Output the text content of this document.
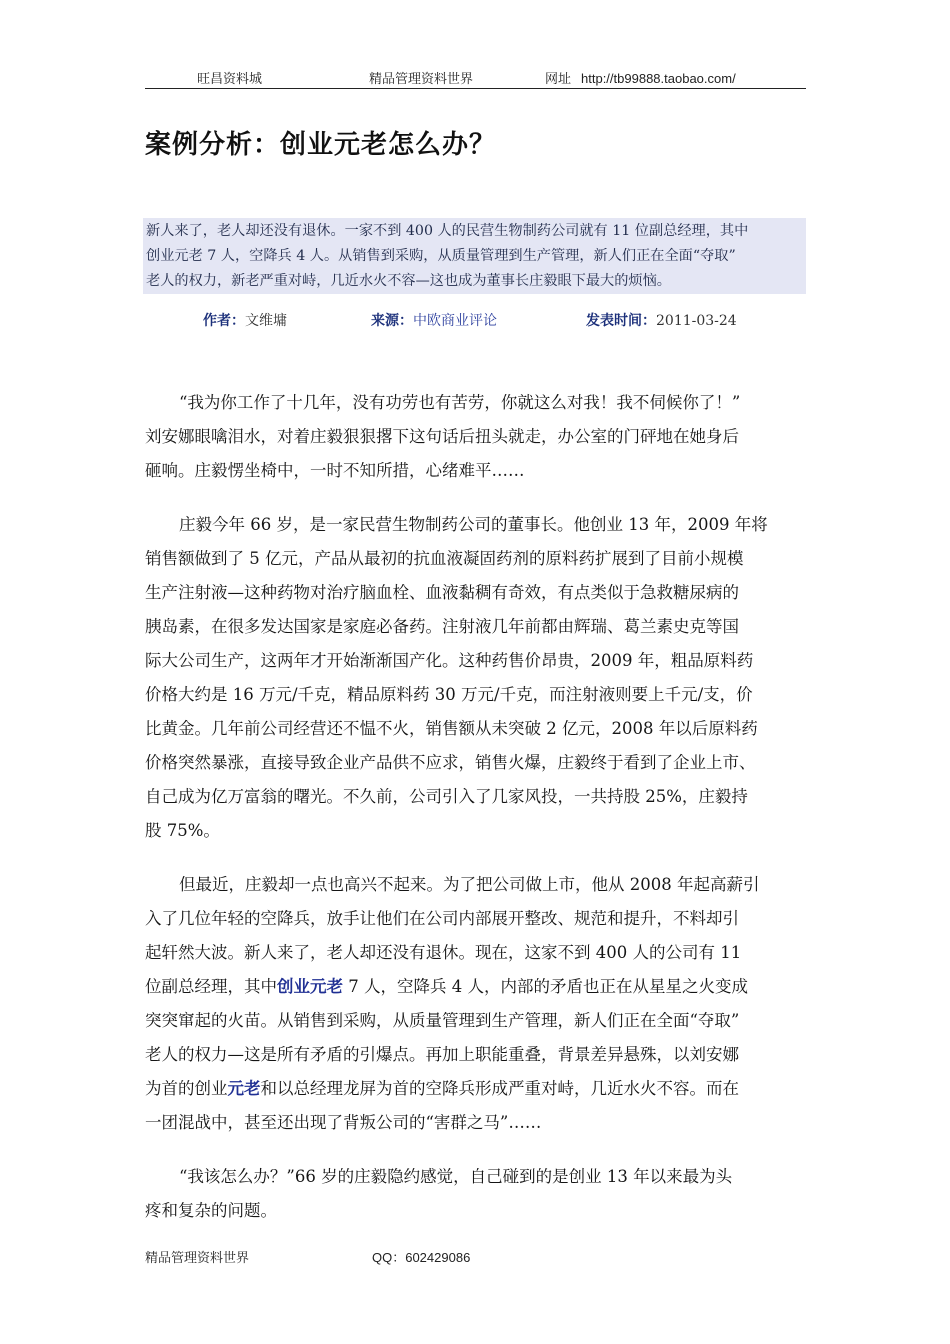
旺昌资料城	精品管理资料世界	网址 http://tb99888.taobao.com/
案例分析：创业元老怎么办？
新人来了，老人却还没有退休。一家不到 400 人的民营生物制药公司就有 11 位副总经理，其中
创业元老 7 人，空降兵 4 人。从销售到采购，从质量管理到生产管理，新人们正在全面“夺取”
老人的权力，新老严重对峙，几近水火不容—这也成为董事长庄毅眼下最大的烦恼。
作者：文维墉	来源：中欧商业评论	发表时间：2011-03-24

“我为你工作了十几年，没有功劳也有苦劳，你就这么对我！我不伺候你了！”
刘安娜眼噙泪水，对着庄毅狠狠撂下这句话后扭头就走，办公室的门砰地在她身后
砸响。庄毅愣坐椅中，一时不知所措，心绪难平……

庄毅今年 66 岁，是一家民营生物制药公司的董事长。他创业 13 年，2009 年将
销售额做到了 5 亿元，产品从最初的抗血液凝固药剂的原料药扩展到了目前小规模
生产注射液—这种药物对治疗脑血栓、血液黏稠有奇效，有点类似于急救糖尿病的
胰岛素，在很多发达国家是家庭必备药。注射液几年前都由辉瑞、葛兰素史克等国
际大公司生产，这两年才开始渐渐国产化。这种药售价昂贵，2009 年，粗品原料药
价格大约是 16 万元/千克，精品原料药 30 万元/千克，而注射液则要上千元/支，价
比黄金。几年前公司经营还不愠不火，销售额从未突破 2 亿元，2008 年以后原料药
价格突然暴涨，直接导致企业产品供不应求，销售火爆，庄毅终于看到了企业上市、
自己成为亿万富翁的曙光。不久前，公司引入了几家风投，一共持股 25%，庄毅持
股 75%。

但最近，庄毅却一点也高兴不起来。为了把公司做上市，他从 2008 年起高薪引
入了几位年轻的空降兵，放手让他们在公司内部展开整改、规范和提升，不料却引
起轩然大波。新人来了，老人却还没有退休。现在，这家不到 400 人的公司有 11
位副总经理，其中创业元老 7 人，空降兵 4 人，内部的矛盾也正在从星星之火变成
突突窜起的火苗。从销售到采购，从质量管理到生产管理，新人们正在全面“夺取”
老人的权力—这是所有矛盾的引爆点。再加上职能重叠，背景差异悬殊，以刘安娜
为首的创业元老和以总经理龙屏为首的空降兵形成严重对峙，几近水火不容。而在
一团混战中，甚至还出现了背叛公司的“害群之马”……

“我该怎么办？”66 岁的庄毅隐约感觉，自己碰到的是创业 13 年以来最为头
疼和复杂的问题。

精品管理资料世界	QQ：602429086
